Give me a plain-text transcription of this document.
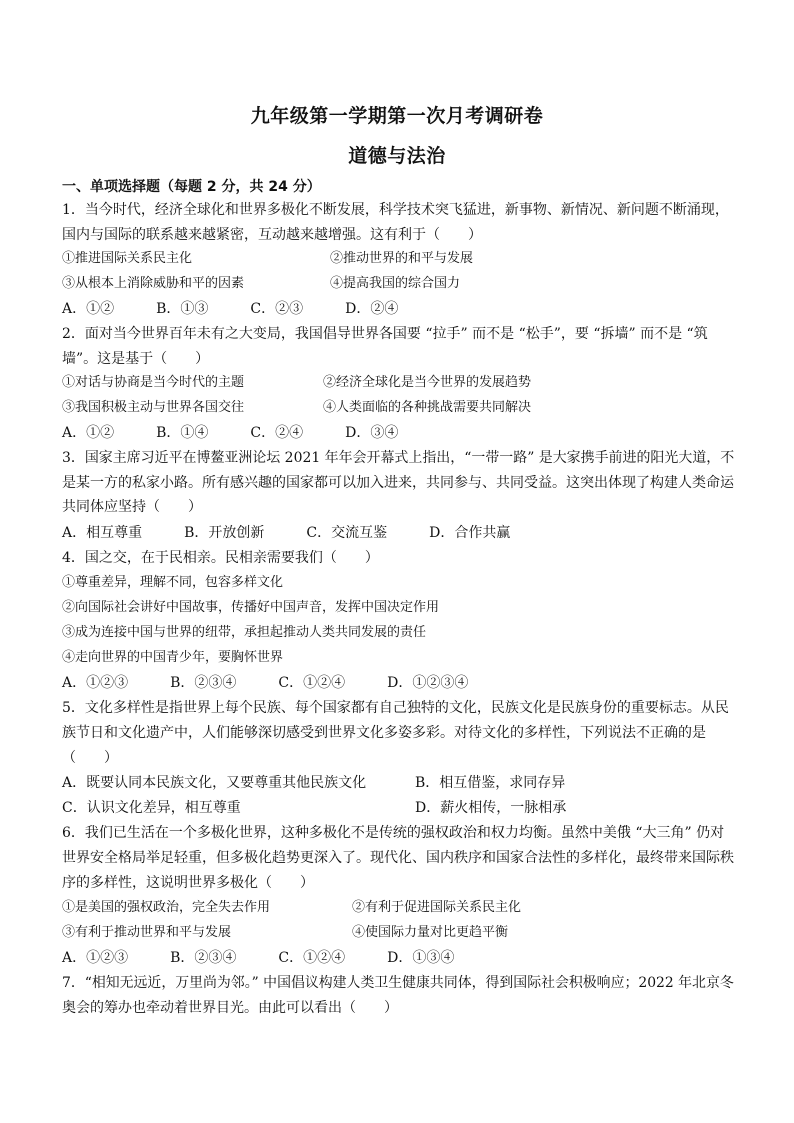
九年级第一学期第一次月考调研卷
道德与法治
一、单项选择题（每题 2 分，共 24 分）
1．当今时代，经济全球化和世界多极化不断发展，科学技术突飞猛进，新事物、新情况、新问题不断涌现，
国内与国际的联系越来越紧密，互动越来越增强。这有利于（　　）
①推进国际关系民主化	②推动世界的和平与发展
③从根本上消除威胁和平的因素	④提高我国的综合国力
A．①②　　　B．①③　　　C．②③　　　D．②④
2．面对当今世界百年未有之大变局，我国倡导世界各国要 “拉手” 而不是 “松手”，要 “拆墙” 而不是 “筑
墙”。这是基于（　　）
①对话与协商是当今时代的主题	②经济全球化是当今世界的发展趋势
③我国积极主动与世界各国交往	④人类面临的各种挑战需要共同解决
A．①②　　　B．①④　　　C．②④　　　D．③④
3．国家主席习近平在博鳌亚洲论坛 2021 年年会开幕式上指出，“一带一路” 是大家携手前进的阳光大道，不
是某一方的私家小路。所有感兴趣的国家都可以加入进来，共同参与、共同受益。这突出体现了构建人类命运
共同体应坚持（　　）
A．相互尊重　　　B．开放创新　　　C．交流互鉴　　　D．合作共赢
4．国之交，在于民相亲。民相亲需要我们（　　）
①尊重差异，理解不同，包容多样文化
②向国际社会讲好中国故事，传播好中国声音，发挥中国决定作用
③成为连接中国与世界的纽带，承担起推动人类共同发展的责任
④走向世界的中国青少年，要胸怀世界
A．①②③　　　B．②③④　　　C．①②④　　　D．①②③④
5．文化多样性是指世界上每个民族、每个国家都有自己独特的文化，民族文化是民族身份的重要标志。从民
族节日和文化遗产中，人们能够深切感受到世界文化多姿多彩。对待文化的多样性，下列说法不正确的是
（　　）
A．既要认同本民族文化，又要尊重其他民族文化	B．相互借鉴，求同存异
C．认识文化差异，相互尊重	D．薪火相传，一脉相承
6．我们已生活在一个多极化世界，这种多极化不是传统的强权政治和权力均衡。虽然中美俄 “大三角” 仍对
世界安全格局举足轻重，但多极化趋势更深入了。现代化、国内秩序和国家合法性的多样化，最终带来国际秩
序的多样性，这说明世界多极化（　　）
①是美国的强权政治，完全失去作用	②有利于促进国际关系民主化
③有利于推动世界和平与发展	④使国际力量对比更趋平衡
A．①②③　　　B．②③④　　　C．①②④　　　D．①③④
7．“相知无远近，万里尚为邻。” 中国倡议构建人类卫生健康共同体，得到国际社会积极响应；2022 年北京冬
奥会的筹办也牵动着世界目光。由此可以看出（　　）
